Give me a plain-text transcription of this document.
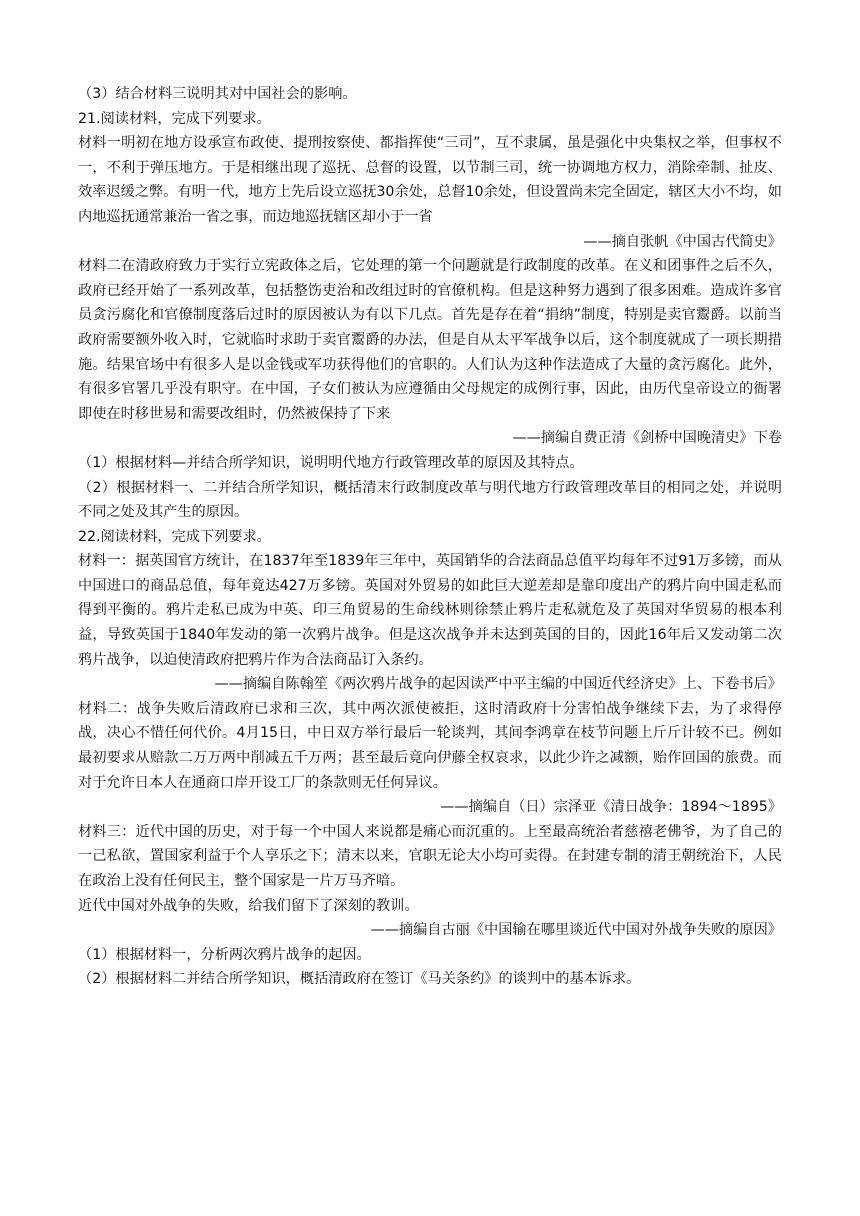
（3）结合材料三说明其对中国社会的影响。

21.阅读材料，完成下列要求。

材料一明初在地方设承宣布政使、提刑按察使、都指挥使“三司”，互不隶属，虽是强化中央集权之举，但事权不一，不利于弹压地方。于是相继出现了巡抚、总督的设置，以节制三司，统一协调地方权力，消除牵制、扯皮、效率迟缓之弊。有明一代，地方上先后设立巡抚30余处，总督10余处，但设置尚未完全固定，辖区大小不均，如内地巡抚通常兼治一省之事，而边地巡抚辖区却小于一省

——摘自张帆《中国古代简史》

材料二在清政府致力于实行立宪政体之后，它处理的第一个问题就是行政制度的改革。在义和团事件之后不久，政府已经开始了一系列改革，包括整饬吏治和改组过时的官僚机构。但是这种努力遇到了很多困难。造成许多官员贪污腐化和官僚制度落后过时的原因被认为有以下几点。首先是存在着“捐纳”制度，特别是卖官鬻爵。以前当政府需要额外收入时，它就临时求助于卖官鬻爵的办法，但是自从太平军战争以后，这个制度就成了一项长期措施。结果官场中有很多人是以金钱或军功获得他们的官职的。人们认为这种作法造成了大量的贪污腐化。此外，有很多官署几乎没有职守。在中国，子女们被认为应遵循由父母规定的成例行事，因此，由历代皇帝设立的衙署即使在时移世易和需要改组时，仍然被保持了下来

——摘编自费正清《剑桥中国晚清史》下卷

（1）根据材料—并结合所学知识，说明明代地方行政管理改革的原因及其特点。

（2）根据材料一、二并结合所学知识，概括清末行政制度改革与明代地方行政管理改革目的相同之处，并说明不同之处及其产生的原因。

22.阅读材料，完成下列要求。

材料一：据英国官方统计，在1837年至1839年三年中，英国销华的合法商品总值平均每年不过91万多镑，而从中国进口的商品总值，每年竟达427万多镑。英国对外贸易的如此巨大逆差却是靠印度出产的鸦片向中国走私而得到平衡的。鸦片走私已成为中英、印三角贸易的生命线林则徐禁止鸦片走私就危及了英国对华贸易的根本利益，导致英国于1840年发动的第一次鸦片战争。但是这次战争并未达到英国的目的，因此16年后又发动第二次鸦片战争，以迫使清政府把鸦片作为合法商品订入条约。

——摘编自陈翰笙《两次鸦片战争的起因读严中平主编的中国近代经济史》上、下卷书后》

材料二：战争失败后清政府已求和三次，其中两次派使被拒，这时清政府十分害怕战争继续下去，为了求得停战，决心不惜任何代价。4月15日，中日双方举行最后一轮谈判，其间李鸿章在枝节问题上斤斤计较不已。例如最初要求从赔款二万万两中削减五千万两；甚至最后竟向伊藤全权哀求，以此少许之减额，贻作回国的旅费。而对于允许日本人在通商口岸开设工厂的条款则无任何异议。

——摘编自（日）宗泽亚《清日战争：1894～1895》

材料三：近代中国的历史，对于每一个中国人来说都是痛心而沉重的。上至最高统治者慈禧老佛爷，为了自己的一己私欲，置国家利益于个人享乐之下；清末以来，官职无论大小均可卖得。在封建专制的清王朝统治下，人民在政治上没有任何民主，整个国家是一片万马齐喑。

近代中国对外战争的失败，给我们留下了深刻的教训。

——摘编自古丽《中国输在哪里谈近代中国对外战争失败的原因》

（1）根据材料一，分析两次鸦片战争的起因。

（2）根据材料二并结合所学知识，概括清政府在签订《马关条约》的谈判中的基本诉求。
